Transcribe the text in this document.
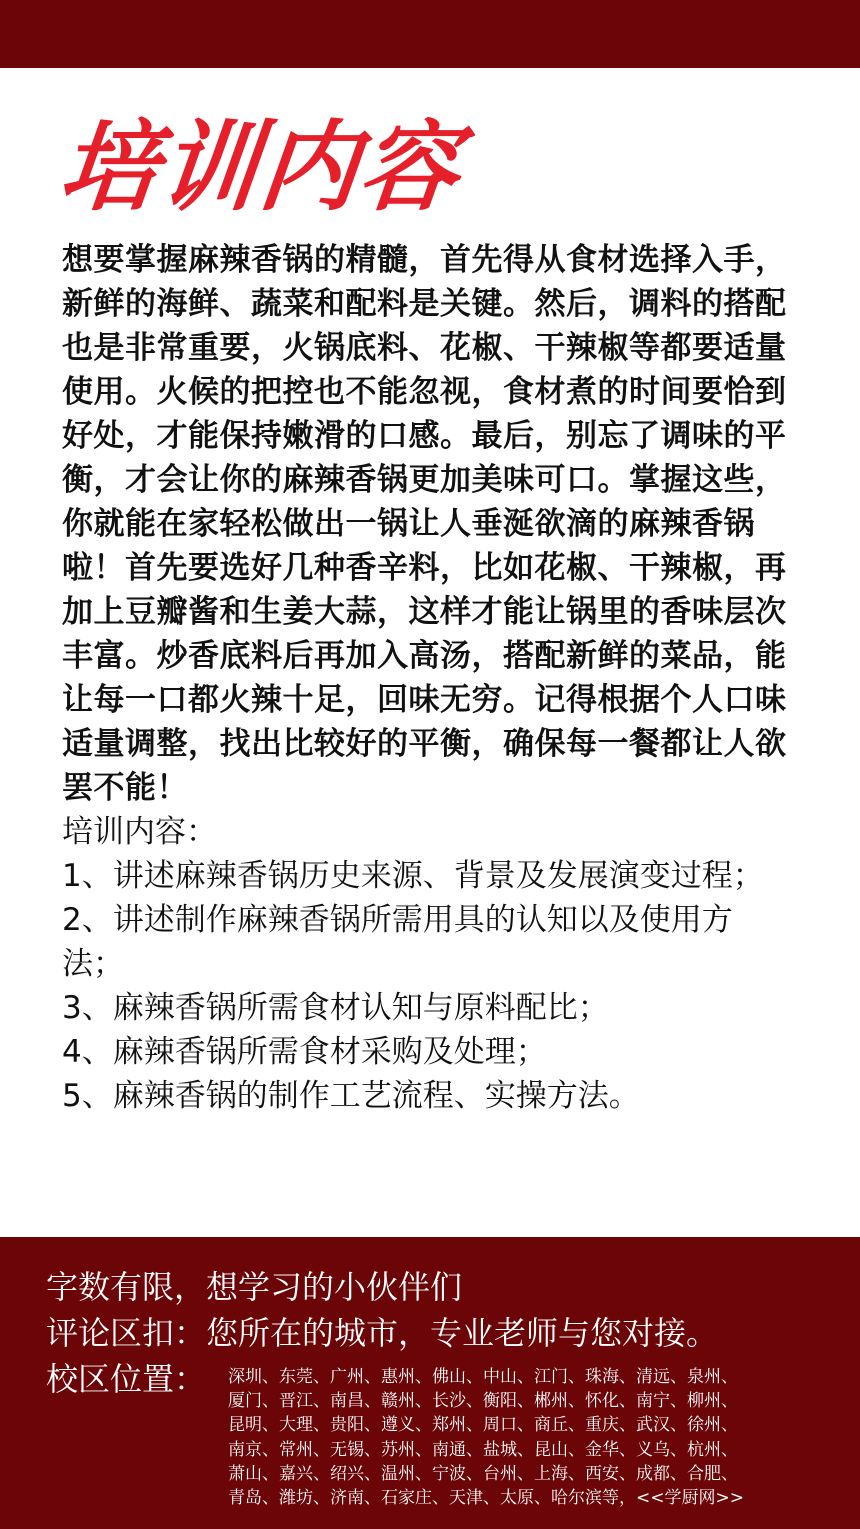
培训内容

想要掌握麻辣香锅的精髓，首先得从食材选择入手，新鲜的海鲜、蔬菜和配料是关键。然后，调料的搭配也是非常重要，火锅底料、花椒、干辣椒等都要适量使用。火候的把控也不能忽视，食材煮的时间要恰到好处，才能保持嫩滑的口感。最后，别忘了调味的平衡，才会让你的麻辣香锅更加美味可口。掌握这些，你就能在家轻松做出一锅让人垂涎欲滴的麻辣香锅啦！首先要选好几种香辛料，比如花椒、干辣椒，再加上豆瓣酱和生姜大蒜，这样才能让锅里的香味层次丰富。炒香底料后再加入高汤，搭配新鲜的菜品，能让每一口都火辣十足，回味无穷。记得根据个人口味适量调整，找出比较好的平衡，确保每一餐都让人欲罢不能！

培训内容：

1、讲述麻辣香锅历史来源、背景及发展演变过程；
2、讲述制作麻辣香锅所需用具的认知以及使用方法；
3、麻辣香锅所需食材认知与原料配比；
4、麻辣香锅所需食材采购及处理；
5、麻辣香锅的制作工艺流程、实操方法。
字数有限，想学习的小伙伴们
评论区扣：您所在的城市，专业老师与您对接。
校区位置： 深圳、东莞、广州、惠州、佛山、中山、江门、珠海、清远、泉州、
厦门、晋江、南昌、赣州、长沙、衡阳、郴州、怀化、南宁、柳州、
昆明、大理、贵阳、遵义、郑州、周口、商丘、重庆、武汉、徐州、
南京、常州、无锡、苏州、南通、盐城、昆山、金华、义乌、杭州、
萧山、嘉兴、绍兴、温州、宁波、台州、上海、西安、成都、合肥、
青岛、潍坊、济南、石家庄、天津、太原、哈尔滨等，<<学厨网>>
